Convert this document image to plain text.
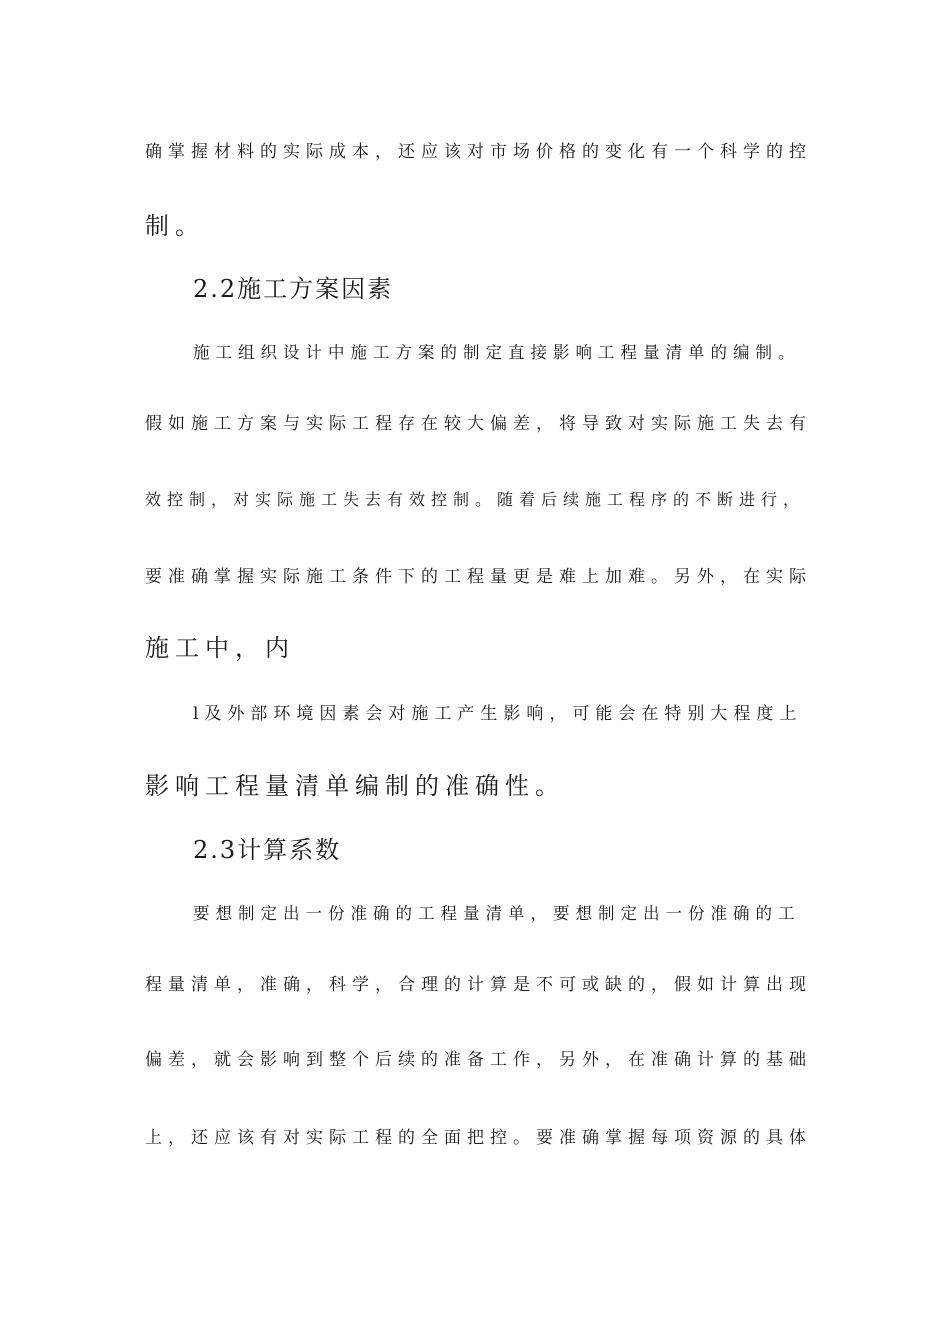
确掌握材料的实际成本，还应该对市场价格的变化有一个科学的控
制。
2.2施工方案因素
施工组织设计中施工方案的制定直接影响工程量清单的编制。
假如施工方案与实际工程存在较大偏差，将导致对实际施工失去有
效控制，对实际施工失去有效控制。随着后续施工程序的不断进行，
要准确掌握实际施工条件下的工程量更是难上加难。另外，在实际
施工中，内
l及外部环境因素会对施工产生影响，可能会在特别大程度上
影响工程量清单编制的准确性。
2.3计算系数
要想制定出一份准确的工程量清单，要想制定出一份准确的工
程量清单，准确，科学，合理的计算是不可或缺的，假如计算出现
偏差，就会影响到整个后续的准备工作，另外，在准确计算的基础
上，还应该有对实际工程的全面把控。要准确掌握每项资源的具体
